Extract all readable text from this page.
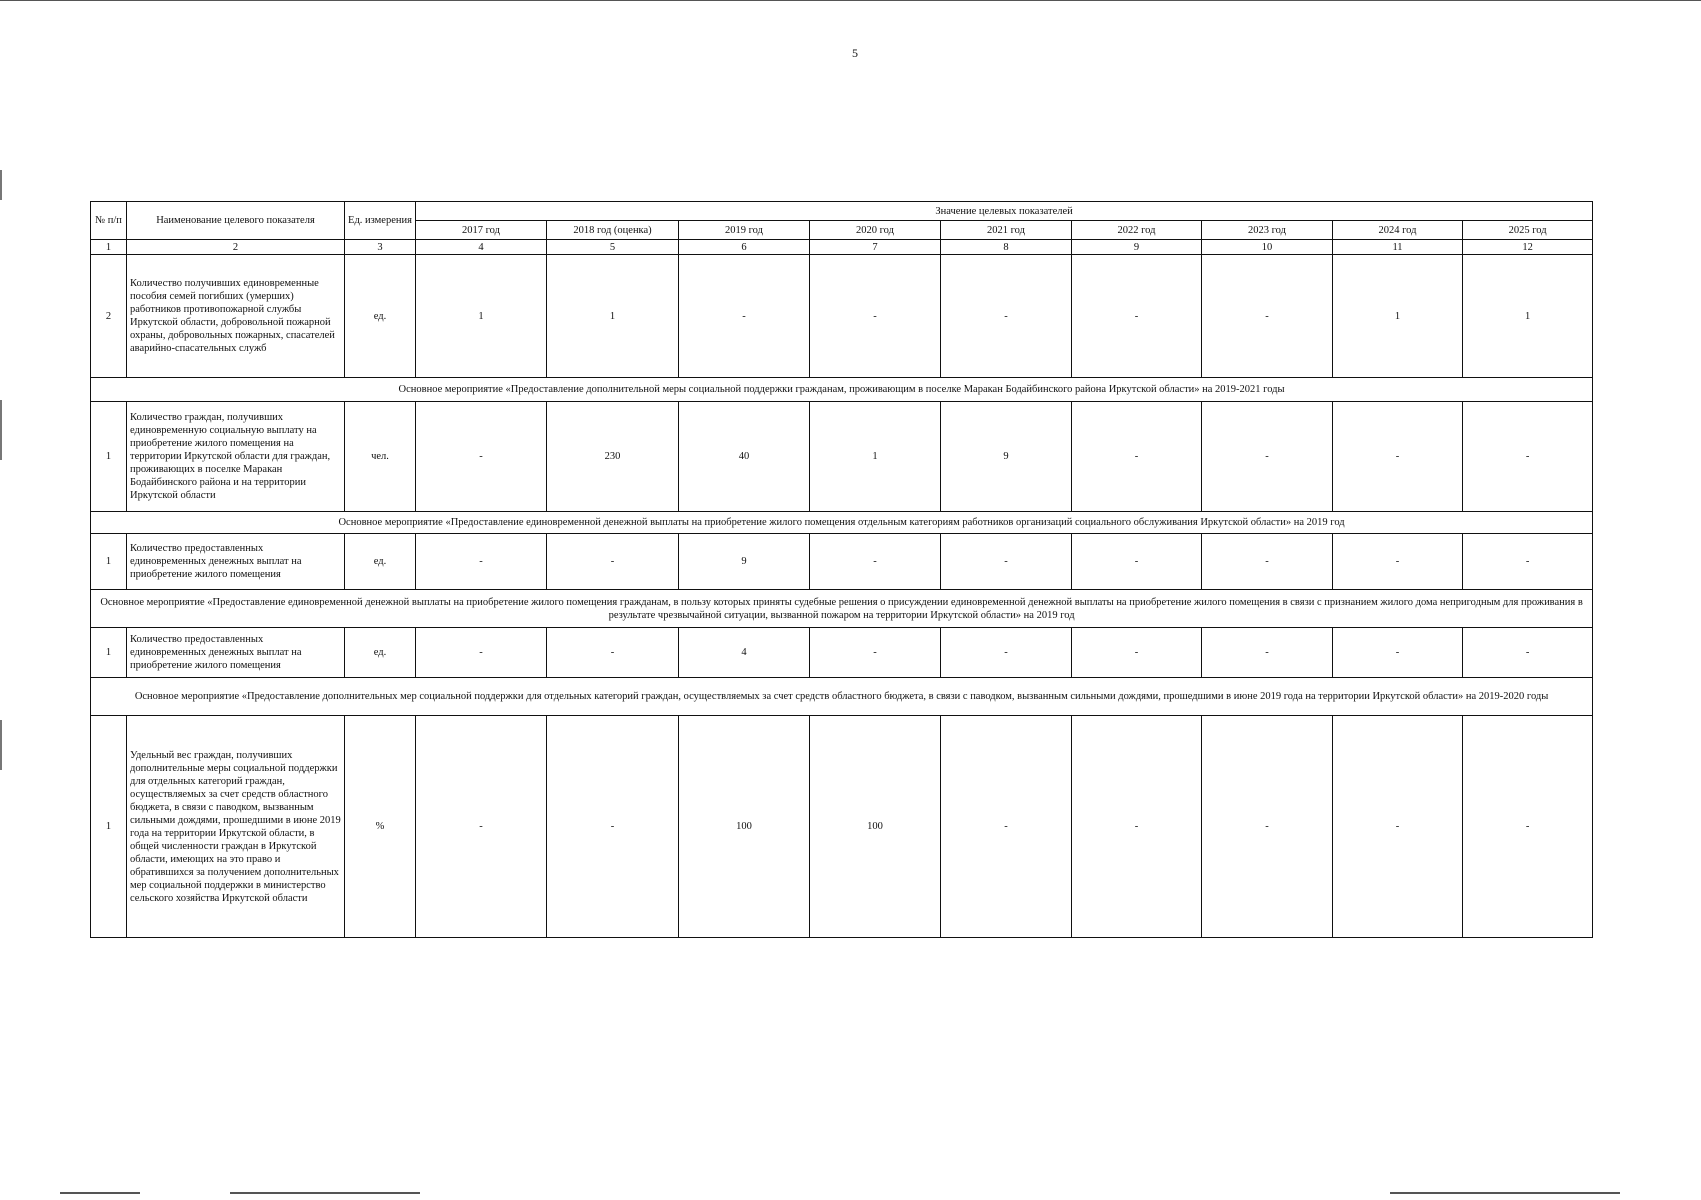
5
№ п/п	Наименование целевого показателя	Ед. измерения	Значение целевых показателей								
			2017 год	2018 год (оценка)	2019 год	2020 год	2021 год	2022 год	2023 год	2024 год	2025 год
1	2	3	4	5	6	7	8	9	10	11	12
2	Количество получивших единовременные пособия семей погибших (умерших) работников противопожарной службы Иркутской области, добровольной пожарной охраны, добровольных пожарных, спасателей аварийно-спасательных служб	ед.	1	1	-	-	-	-	-	1	1
Основное мероприятие «Предоставление дополнительной меры социальной поддержки гражданам, проживающим в поселке Маракан Бодайбинского района Иркутской области» на 2019-2021 годы											
1	Количество граждан, получивших единовременную социальную выплату на приобретение жилого помещения на территории Иркутской области для граждан, проживающих в поселке Маракан Бодайбинского района и на территории Иркутской области	чел.	-	230	40	1	9	-	-	-	-
Основное мероприятие «Предоставление единовременной денежной выплаты на приобретение жилого помещения отдельным категориям работников организаций социального обслуживания Иркутской области» на 2019 год											
1	Количество предоставленных единовременных денежных выплат на приобретение жилого помещения	ед.	-	-	9	-	-	-	-	-	-
Основное мероприятие «Предоставление единовременной денежной выплаты на приобретение жилого помещения гражданам, в пользу которых приняты судебные решения о присуждении единовременной денежной выплаты на приобретение жилого помещения в связи с признанием жилого дома непригодным для проживания в результате чрезвычайной ситуации, вызванной пожаром на территории Иркутской области» на 2019 год											
1	Количество предоставленных единовременных денежных выплат на приобретение жилого помещения	ед.	-	-	4	-	-	-	-	-	-
Основное мероприятие «Предоставление дополнительных мер социальной поддержки для отдельных категорий граждан, осуществляемых за счет средств областного бюджета, в связи с паводком, вызванным сильными дождями, прошедшими в июне 2019 года на территории Иркутской области» на 2019-2020 годы											
1	Удельный вес граждан, получивших дополнительные меры социальной поддержки для отдельных категорий граждан, осуществляемых за счет средств областного бюджета, в связи с паводком, вызванным сильными дождями, прошедшими в июне 2019 года на территории Иркутской области, в общей численности граждан в Иркутской области, имеющих на это право и обратившихся за получением дополнительных мер социальной поддержки в министерство сельского хозяйства Иркутской области	%	-	-	100	100	-	-	-	-	-
